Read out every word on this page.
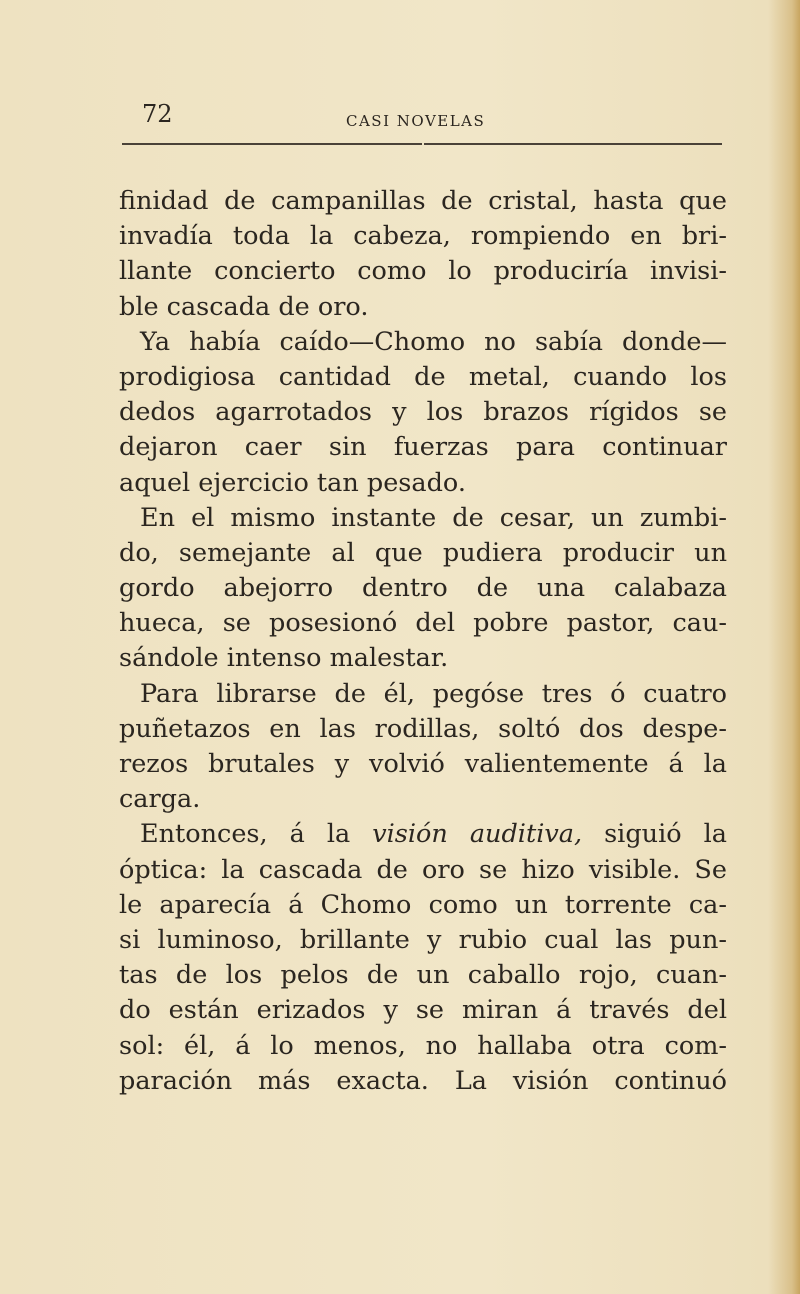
72	CASI NOVELAS
finidad de campanillas de cristal, hasta que
invadía toda la cabeza, rompiendo en bri-
llante concierto como lo produciría invisi-
ble cascada de oro.
Ya había caído—Chomo no sabía donde—
prodigiosa cantidad de metal, cuando los
dedos agarrotados y los brazos rígidos se
dejaron caer sin fuerzas para continuar
aquel ejercicio tan pesado.
En el mismo instante de cesar, un zumbi-
do, semejante al que pudiera producir un
gordo abejorro dentro de una calabaza
hueca, se posesionó del pobre pastor, cau-
sándole intenso malestar.
Para librarse de él, pegóse tres ó cuatro
puñetazos en las rodillas, soltó dos despe-
rezos brutales y volvió valientemente á la
carga.
Entonces, á la visión auditiva, siguió la
óptica: la cascada de oro se hizo visible. Se
le aparecía á Chomo como un torrente ca-
si luminoso, brillante y rubio cual las pun-
tas de los pelos de un caballo rojo, cuan-
do están erizados y se miran á través del
sol: él, á lo menos, no hallaba otra com-
paración más exacta. La visión continuó
